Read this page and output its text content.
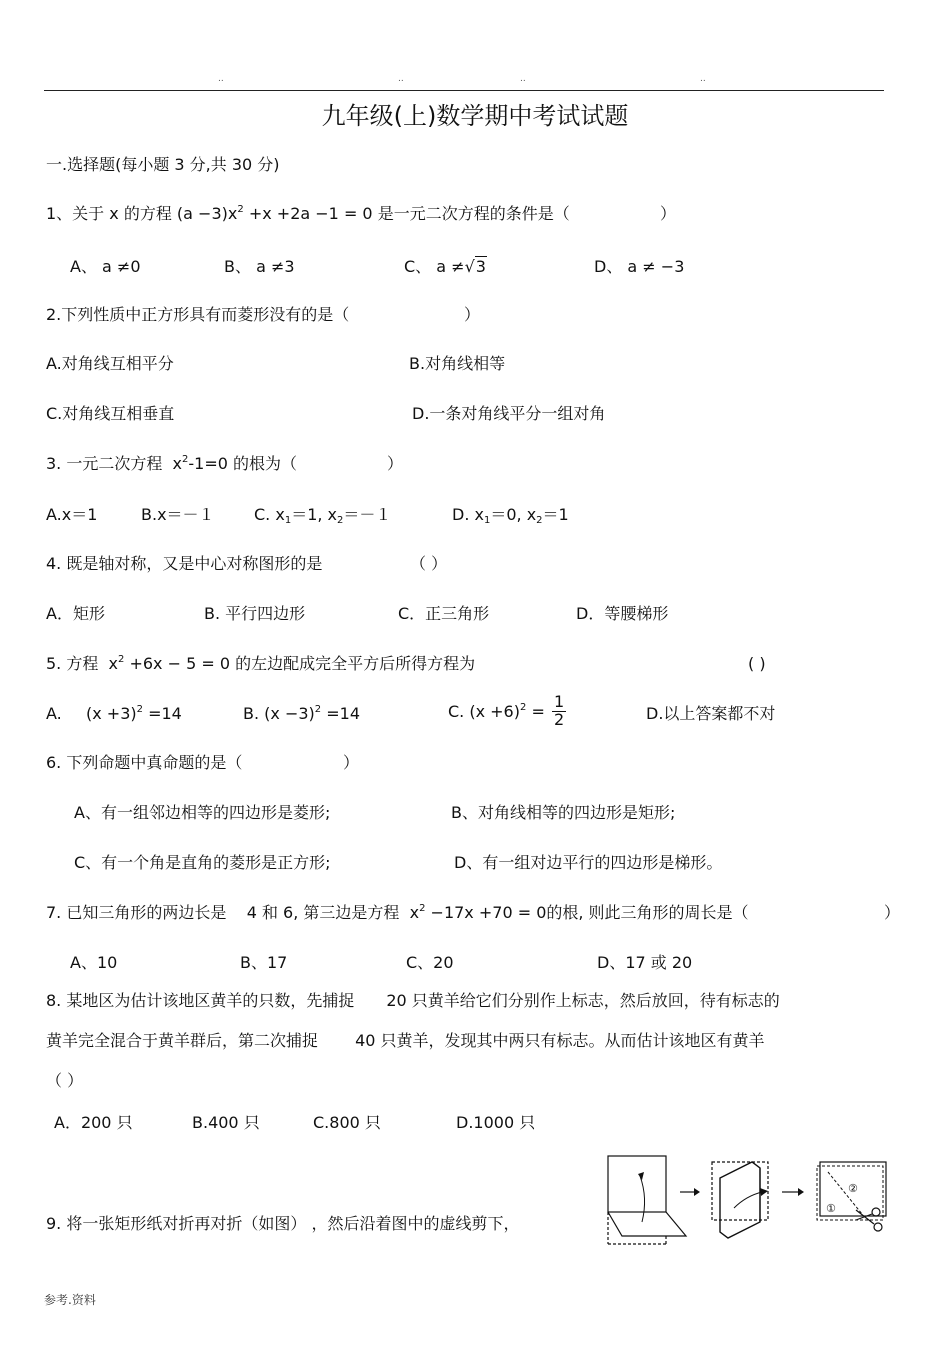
..	..	..	..
九年级(上)数学期中考试试题
一.选择题(每小题 3 分,共 30 分)
1、关于 x 的方程 $(a -3)x^2 +x +2a -1 = 0$ 是一元二次方程的条件是（	）
A、 a ≠0	B、 a ≠3	C、 a ≠√3	D、 a ≠ −3
2.下列性质中正方形具有而菱形没有的是（	）
A.对角线互相平分	B.对角线相等
C.对角线互相垂直	D.一条对角线平分一组对角
3. 一元二次方程 $x^2-1=0$ 的根为（	）
A.x＝1	B.x＝－１ C. $x_1=1$, $x_2=-1$	D. $x_1=0$, $x_2=1$
4. 既是轴对称，又是中心对称图形的是	（ ）
A．矩形	B. 平行四边形	C．正三角形	D．等腰梯形
5. 方程 $x^2 +6x - 5 = 0$ 的左边配成完全平方后所得方程为	( )
A. $(x +3)^2 =14$	B. $(x -3)^2 =14$	C. $(x +6)^2 = \frac{1}{2}$	D.以上答案都不对
6. 下列命题中真命题的是（	）
A、有一组邻边相等的四边形是菱形;	B、对角线相等的四边形是矩形;
C、有一个角是直角的菱形是正方形;	D、有一组对边平行的四边形是梯形。
7. 已知三角形的两边长是 4 和 6, 第三边是方程 $x^2 -17x +70 = 0$的根, 则此三角形的周长是（	）
A、10	B、17	C、20	D、17 或 20
8. 某地区为估计该地区黄羊的只数，先捕捉　　20 只黄羊给它们分别作上标志，然后放回，待有标志的
黄羊完全混合于黄羊群后，第二次捕捉　　 40 只黄羊，发现其中两只有标志。从而估计该地区有黄羊
（ ）
A．200 只	B.400 只	C.800 只	D.1000 只
9. 将一张矩形纸对折再对折（如图） ，然后沿着图中的虚线剪下，
①
②
参考.资料
